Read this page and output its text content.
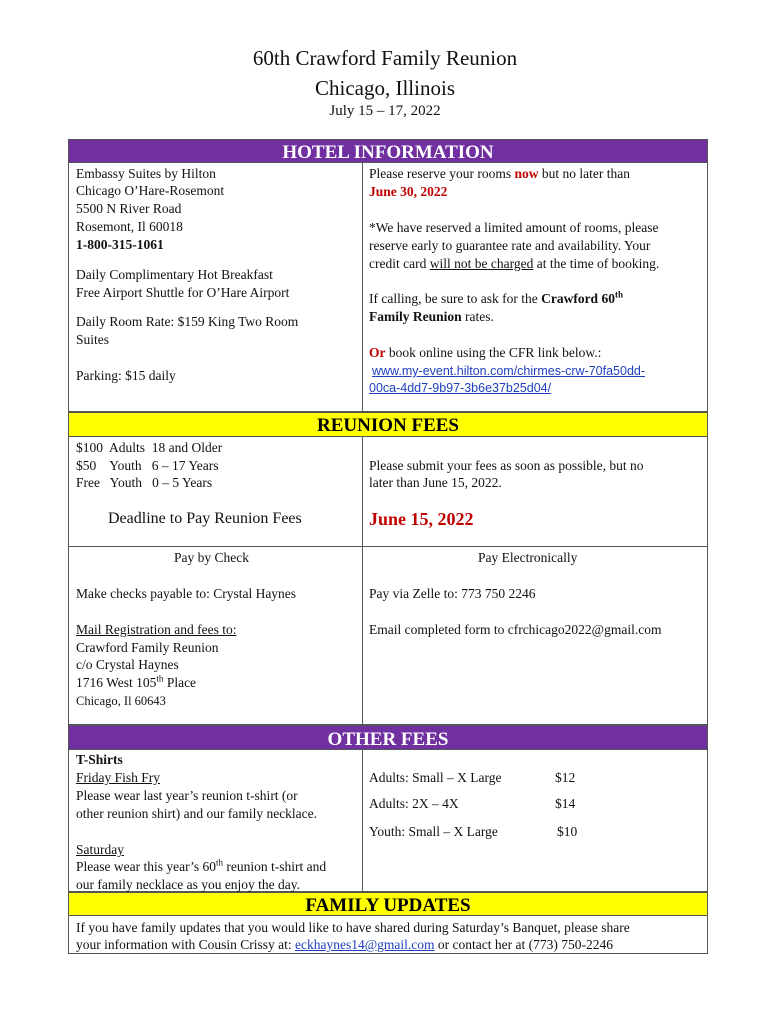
60th Crawford Family Reunion
Chicago, Illinois
July 15 – 17, 2022
HOTEL INFORMATION
Embassy Suites by Hilton
Chicago O’Hare-Rosemont
5500 N River Road
Rosemont, Il 60018
1-800-315-1061
Daily Complimentary Hot Breakfast
Free Airport Shuttle for O’Hare Airport
Daily Room Rate: $159 King Two Room
Suites
Parking: $15 daily
Please reserve your rooms now but no later than
June 30, 2022
*We have reserved a limited amount of rooms, please
reserve early to guarantee rate and availability. Your
credit card will not be charged at the time of booking.
If calling, be sure to ask for the Crawford 60th
Family Reunion rates.
Or book online using the CFR link below.:
www.my-event.hilton.com/chirmes-crw-70fa50dd-
00ca-4dd7-9b97-3b6e37b25d04/
REUNION FEES
$100  Adults  18 and Older
$50    Youth   6 – 17 Years
Free   Youth   0 – 5 Years
Please submit your fees as soon as possible, but no
later than June 15, 2022.
Deadline to Pay Reunion Fees	June 15, 2022
Pay by Check	Pay Electronically
Make checks payable to: Crystal Haynes	Pay via Zelle to: 773 750 2246
Mail Registration and fees to:	Email completed form to cfrchicago2022@gmail.com
Crawford Family Reunion
c/o Crystal Haynes
1716 West 105th Place
Chicago, Il 60643
OTHER FEES
T-Shirts
Friday Fish Fry
Please wear last year’s reunion t-shirt (or
other reunion shirt) and our family necklace.
Saturday
Please wear this year’s 60th reunion t-shirt and
our family necklace as you enjoy the day.
Adults: Small – X Large	$12
Adults: 2X – 4X	$14
Youth: Small – X Large	$10
FAMILY UPDATES
If you have family updates that you would like to have shared during Saturday’s Banquet, please share
your information with Cousin Crissy at: eckhaynes14@gmail.com or contact her at (773) 750-2246
